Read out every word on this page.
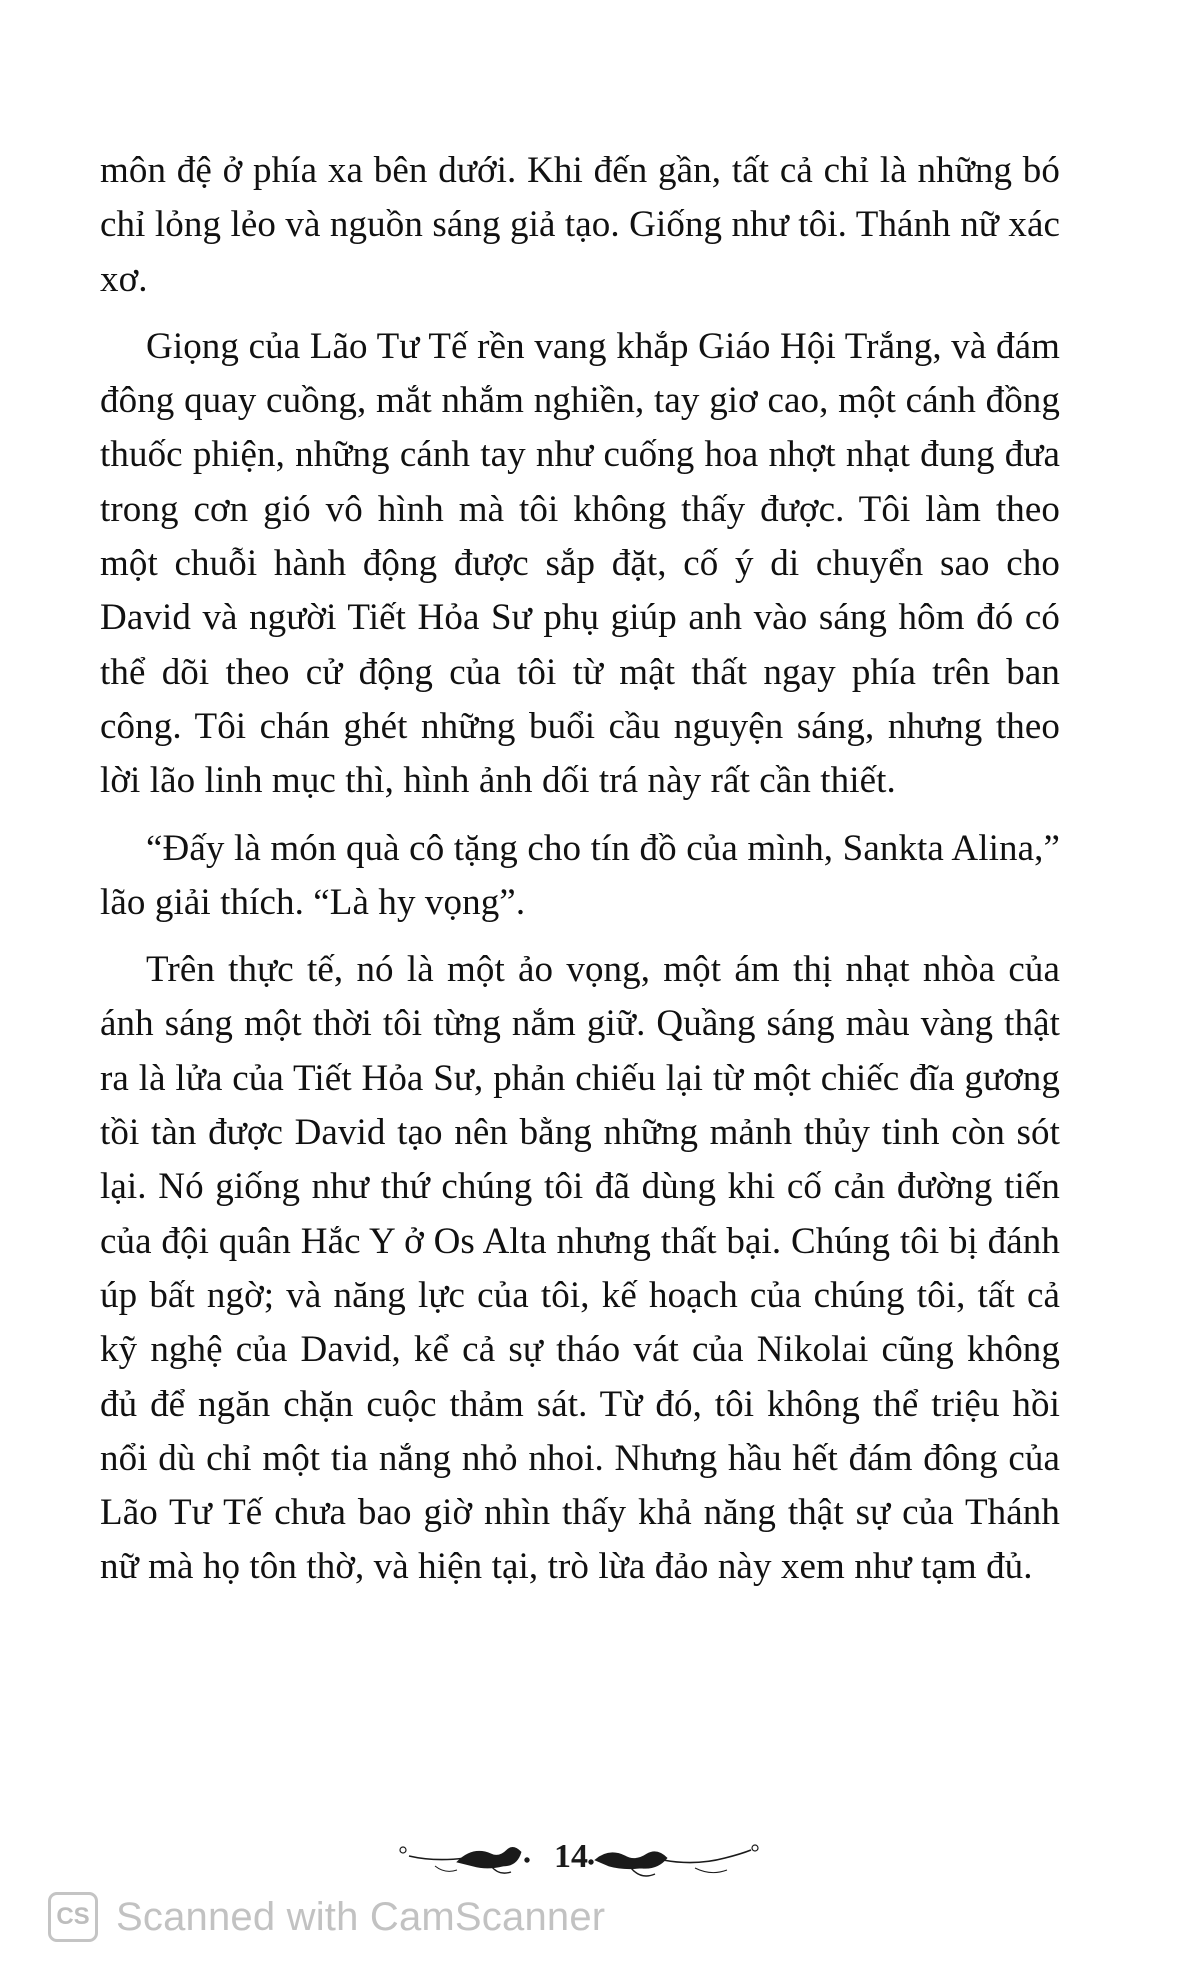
môn đệ ở phía xa bên dưới. Khi đến gần, tất cả chỉ là những bó chỉ lỏng lẻo và nguồn sáng giả tạo. Giống như tôi. Thánh nữ xác xơ.

Giọng của Lão Tư Tế rền vang khắp Giáo Hội Trắng, và đám đông quay cuồng, mắt nhắm nghiền, tay giơ cao, một cánh đồng thuốc phiện, những cánh tay như cuống hoa nhợt nhạt đung đưa trong cơn gió vô hình mà tôi không thấy được. Tôi làm theo một chuỗi hành động được sắp đặt, cố ý di chuyển sao cho David và người Tiết Hỏa Sư phụ giúp anh vào sáng hôm đó có thể dõi theo cử động của tôi từ mật thất ngay phía trên ban công. Tôi chán ghét những buổi cầu nguyện sáng, nhưng theo lời lão linh mục thì, hình ảnh dối trá này rất cần thiết.

“Đấy là món quà cô tặng cho tín đồ của mình, Sankta Alina,” lão giải thích. “Là hy vọng”.

Trên thực tế, nó là một ảo vọng, một ám thị nhạt nhòa của ánh sáng một thời tôi từng nắm giữ. Quầng sáng màu vàng thật ra là lửa của Tiết Hỏa Sư, phản chiếu lại từ một chiếc đĩa gương tồi tàn được David tạo nên bằng những mảnh thủy tinh còn sót lại. Nó giống như thứ chúng tôi đã dùng khi cố cản đường tiến của đội quân Hắc Y ở Os Alta nhưng thất bại. Chúng tôi bị đánh úp bất ngờ; và năng lực của tôi, kế hoạch của chúng tôi, tất cả kỹ nghệ của David, kể cả sự tháo vát của Nikolai cũng không đủ để ngăn chặn cuộc thảm sát. Từ đó, tôi không thể triệu hồi nổi dù chỉ một tia nắng nhỏ nhoi. Nhưng hầu hết đám đông của Lão Tư Tế chưa bao giờ nhìn thấy khả năng thật sự của Thánh nữ mà họ tôn thờ, và hiện tại, trò lừa đảo này xem như tạm đủ.

14
CS Scanned with CamScanner
